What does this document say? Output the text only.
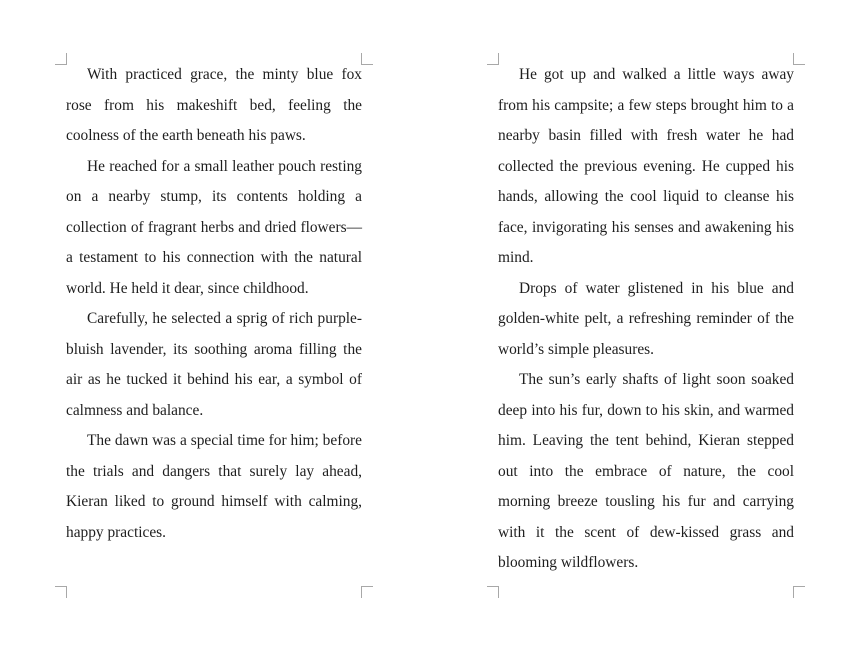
With practiced grace, the minty blue fox rose from his makeshift bed, feeling the coolness of the earth beneath his paws.

He reached for a small leather pouch resting on a nearby stump, its contents holding a collection of fragrant herbs and dried flowers—a testament to his connection with the natural world. He held it dear, since childhood.

Carefully, he selected a sprig of rich purple-bluish lavender, its soothing aroma filling the air as he tucked it behind his ear, a symbol of calmness and balance.

The dawn was a special time for him; before the trials and dangers that surely lay ahead, Kieran liked to ground himself with calming, happy practices.

He got up and walked a little ways away from his campsite; a few steps brought him to a nearby basin filled with fresh water he had collected the previous evening. He cupped his hands, allowing the cool liquid to cleanse his face, invigorating his senses and awakening his mind.

Drops of water glistened in his blue and golden-white pelt, a refreshing reminder of the world’s simple pleasures.

The sun’s early shafts of light soon soaked deep into his fur, down to his skin, and warmed him. Leaving the tent behind, Kieran stepped out into the embrace of nature, the cool morning breeze tousling his fur and carrying with it the scent of dew-kissed grass and blooming wildflowers.
